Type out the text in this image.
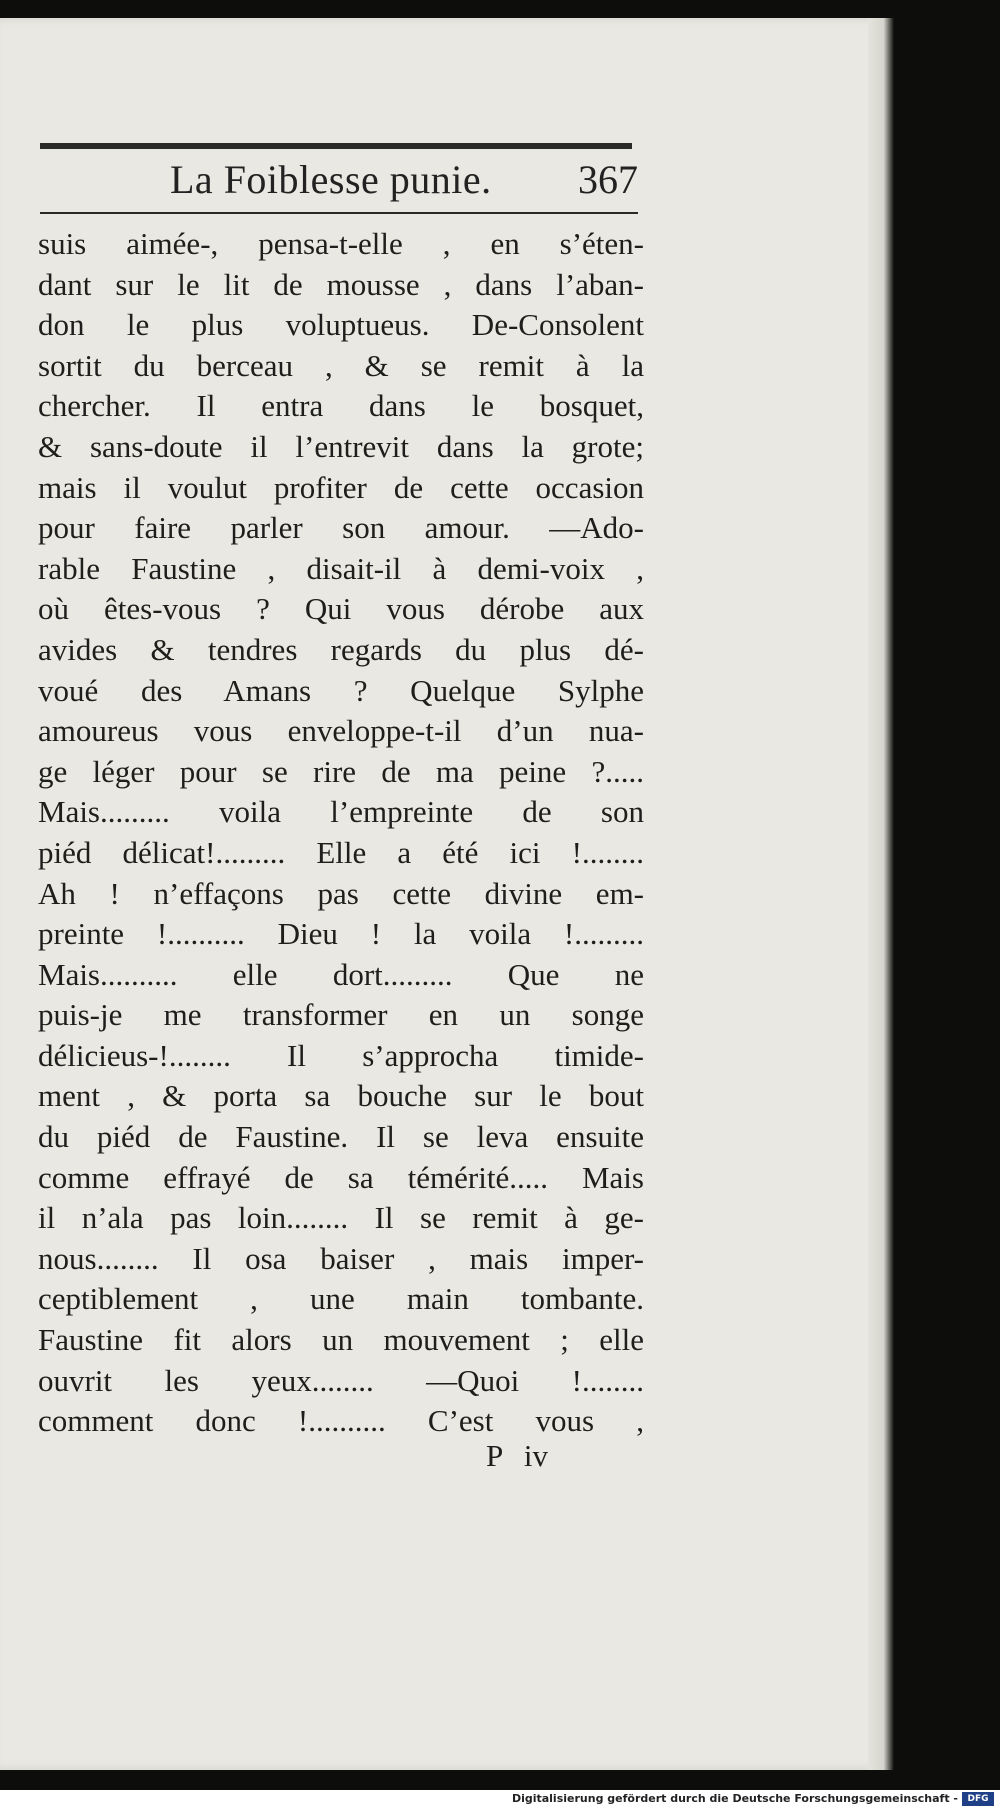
La Foiblesse punie. 367
suis aimée-, pensa-t-elle , en s’éten-
dant sur le lit de mousse , dans l’aban-
don le plus voluptueus. De-Consolent
sortit du berceau , & se remit à la
chercher. Il entra dans le bosquet,
& sans-doute il l’entrevit dans la grote;
mais il voulut profiter de cette occasion
pour faire parler son amour. —Ado-
rable Faustine , disait-il à demi-voix ,
où êtes-vous ? Qui vous dérobe aux
avides & tendres regards du plus dé-
voué des Amans ? Quelque Sylphe
amoureus vous enveloppe-t-il d’un nua-
ge léger pour se rire de ma peine ?.....
Mais......... voila l’empreinte de son
piéd délicat!......... Elle a été ici !........
Ah ! n’effaçons pas cette divine em-
preinte !.......... Dieu ! la voila !.........
Mais.......... elle dort......... Que ne
puis-je me transformer en un songe
délicieus-!........ Il s’approcha timide-
ment , & porta sa bouche sur le bout
du piéd de Faustine. Il se leva ensuite
comme effrayé de sa témérité..... Mais
il n’ala pas loin........ Il se remit à ge-
nous........ Il osa baiser , mais imper-
ceptiblement , une main tombante.
Faustine fit alors un mouvement ; elle
ouvrit les yeux........ —Quoi !........
comment donc !.......... C’est vous ,
P iv
Digitalisierung gefördert durch die Deutsche Forschungsgemeinschaft -	DFG
